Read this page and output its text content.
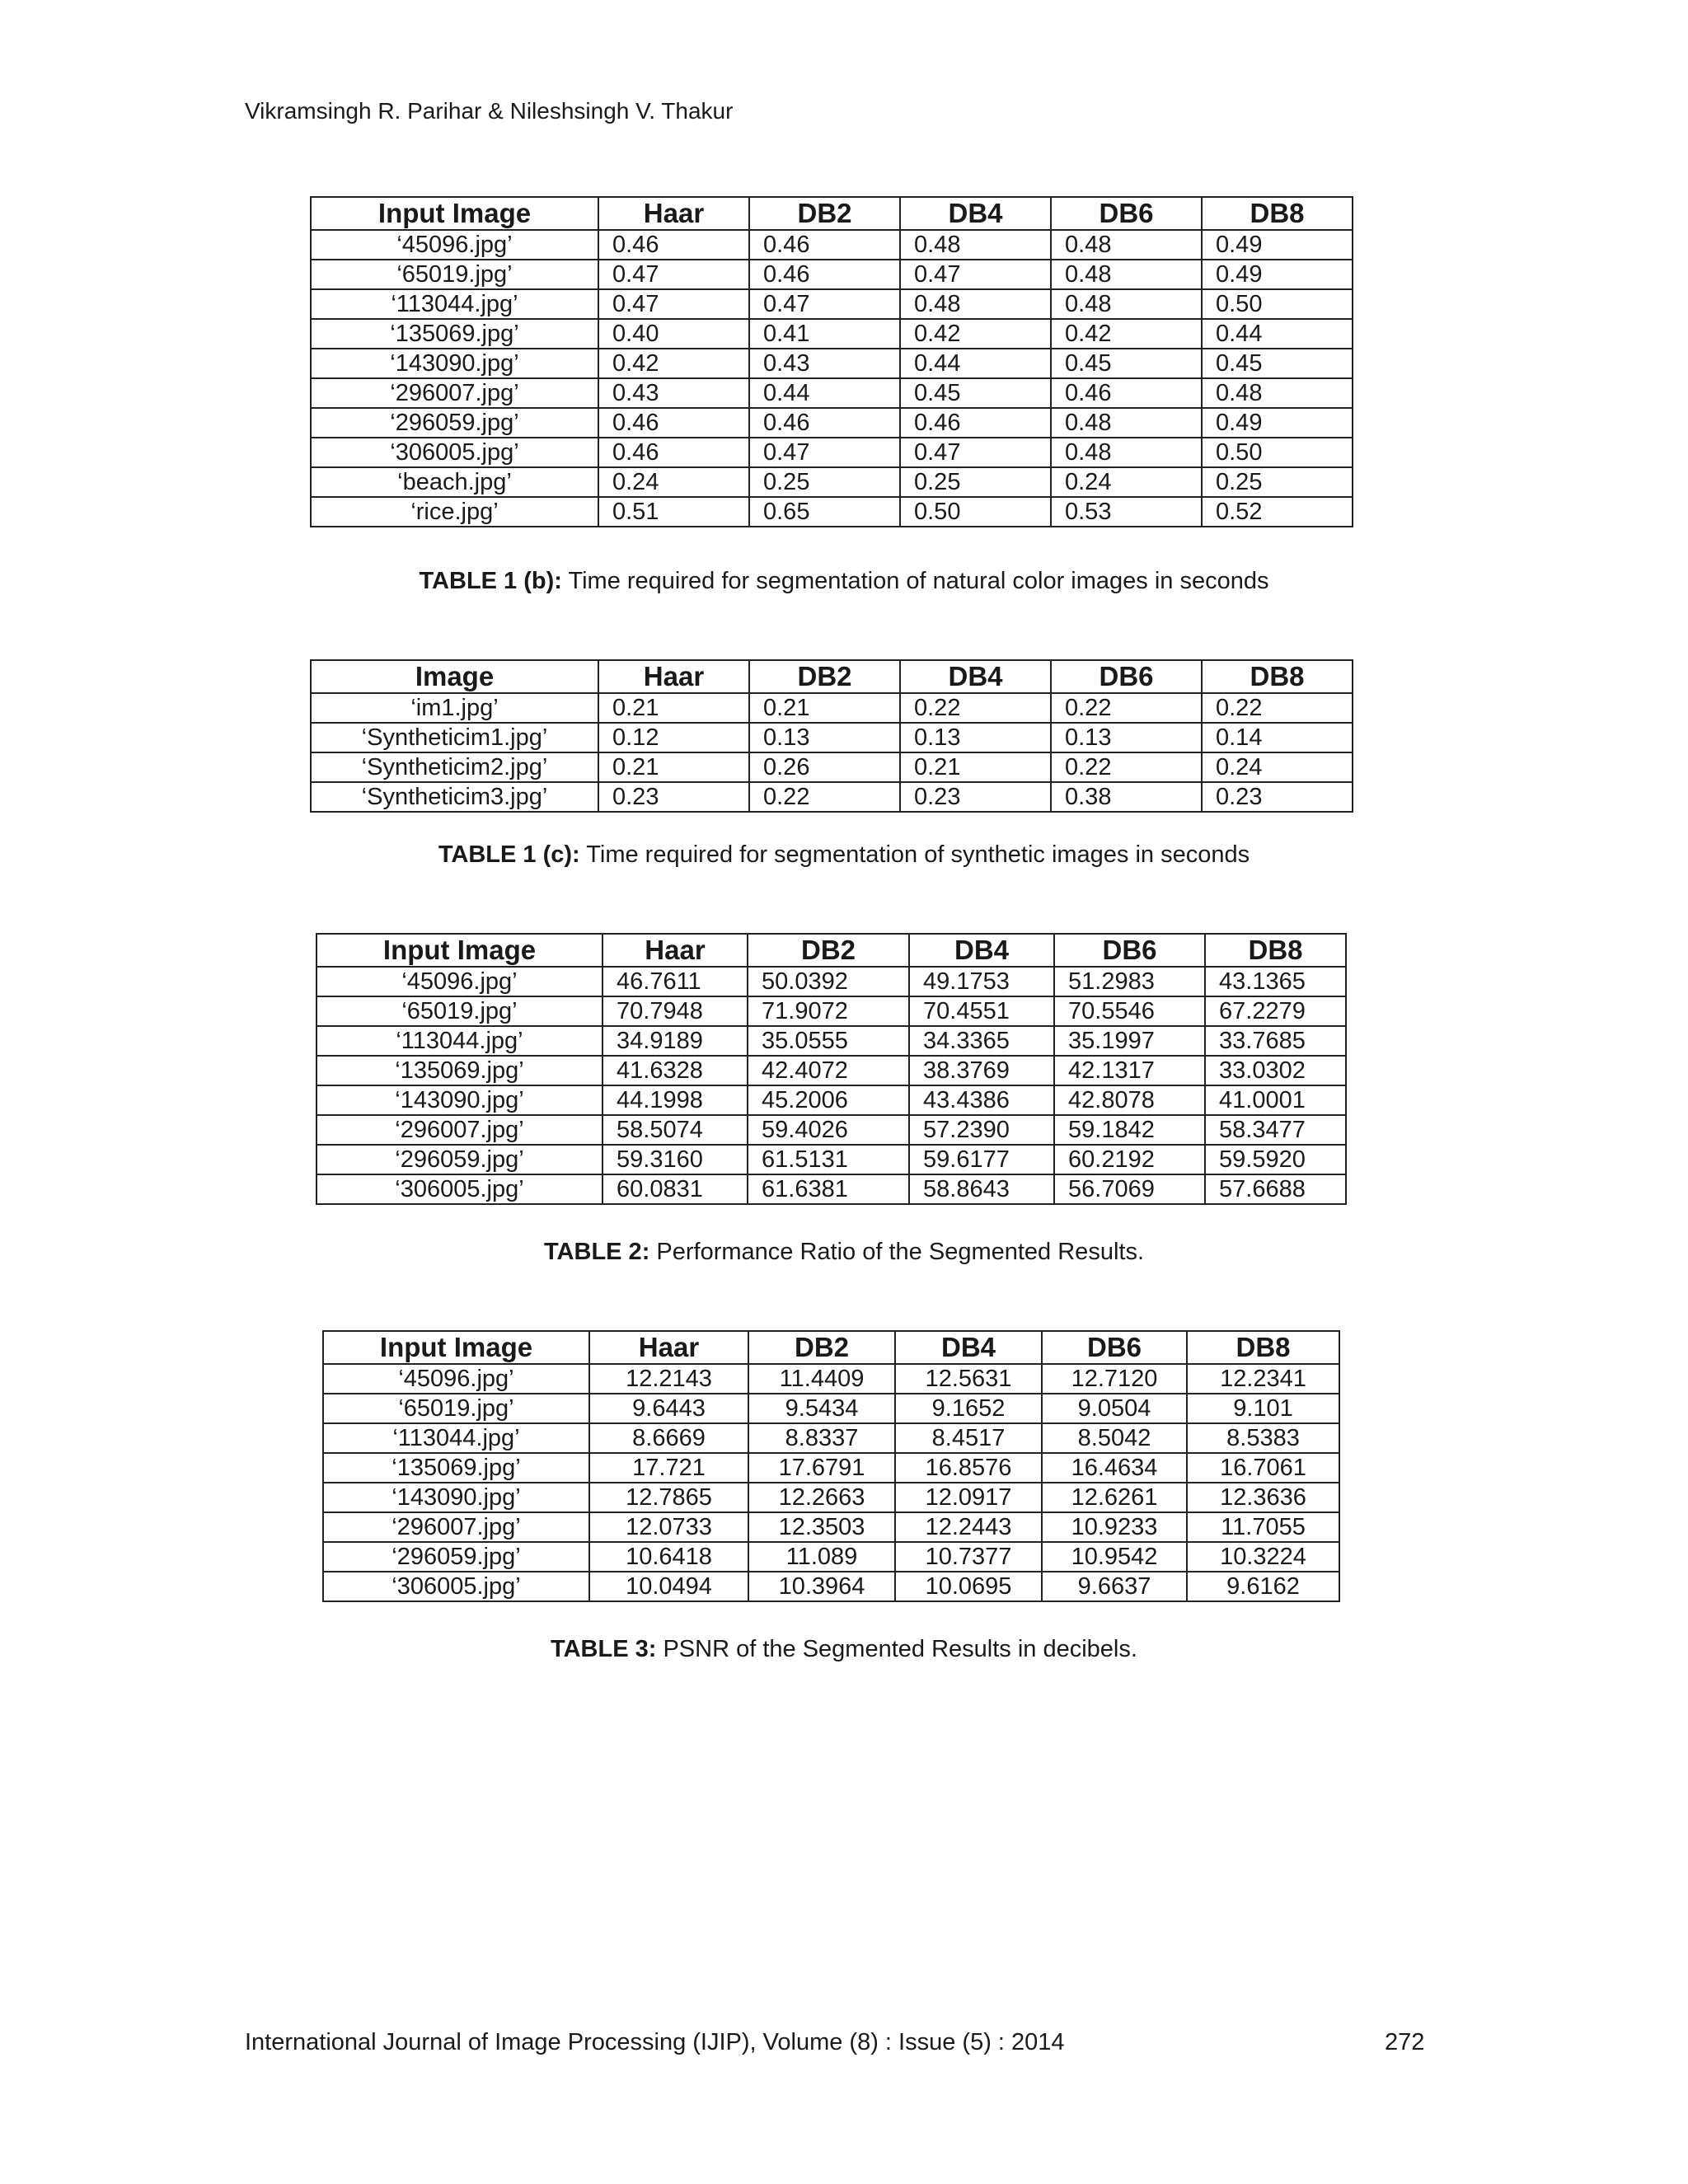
Vikramsingh R. Parihar & Nileshsingh V. Thakur
Input Image	Haar	DB2	DB4	DB6	DB8
‘45096.jpg’	0.46	0.46	0.48	0.48	0.49
‘65019.jpg’	0.47	0.46	0.47	0.48	0.49
‘113044.jpg’	0.47	0.47	0.48	0.48	0.50
‘135069.jpg’	0.40	0.41	0.42	0.42	0.44
‘143090.jpg’	0.42	0.43	0.44	0.45	0.45
‘296007.jpg’	0.43	0.44	0.45	0.46	0.48
‘296059.jpg’	0.46	0.46	0.46	0.48	0.49
‘306005.jpg’	0.46	0.47	0.47	0.48	0.50
‘beach.jpg’	0.24	0.25	0.25	0.24	0.25
‘rice.jpg’	0.51	0.65	0.50	0.53	0.52
TABLE 1 (b): Time required for segmentation of natural color images in seconds
Image	Haar	DB2	DB4	DB6	DB8
‘im1.jpg’	0.21	0.21	0.22	0.22	0.22
‘Syntheticim1.jpg’	0.12	0.13	0.13	0.13	0.14
‘Syntheticim2.jpg’	0.21	0.26	0.21	0.22	0.24
‘Syntheticim3.jpg’	0.23	0.22	0.23	0.38	0.23
TABLE 1 (c): Time required for segmentation of synthetic images in seconds
Input Image	Haar	DB2	DB4	DB6	DB8
‘45096.jpg’	46.7611	50.0392	49.1753	51.2983	43.1365
‘65019.jpg’	70.7948	71.9072	70.4551	70.5546	67.2279
‘113044.jpg’	34.9189	35.0555	34.3365	35.1997	33.7685
‘135069.jpg’	41.6328	42.4072	38.3769	42.1317	33.0302
‘143090.jpg’	44.1998	45.2006	43.4386	42.8078	41.0001
‘296007.jpg’	58.5074	59.4026	57.2390	59.1842	58.3477
‘296059.jpg’	59.3160	61.5131	59.6177	60.2192	59.5920
‘306005.jpg’	60.0831	61.6381	58.8643	56.7069	57.6688
TABLE 2: Performance Ratio of the Segmented Results.
Input Image	Haar	DB2	DB4	DB6	DB8
‘45096.jpg’	12.2143	11.4409	12.5631	12.7120	12.2341
‘65019.jpg’	9.6443	9.5434	9.1652	9.0504	9.101
‘113044.jpg’	8.6669	8.8337	8.4517	8.5042	8.5383
‘135069.jpg’	17.721	17.6791	16.8576	16.4634	16.7061
‘143090.jpg’	12.7865	12.2663	12.0917	12.6261	12.3636
‘296007.jpg’	12.0733	12.3503	12.2443	10.9233	11.7055
‘296059.jpg’	10.6418	11.089	10.7377	10.9542	10.3224
‘306005.jpg’	10.0494	10.3964	10.0695	9.6637	9.6162
TABLE 3: PSNR of the Segmented Results in decibels.
International Journal of Image Processing (IJIP), Volume (8) : Issue (5) : 2014	272
